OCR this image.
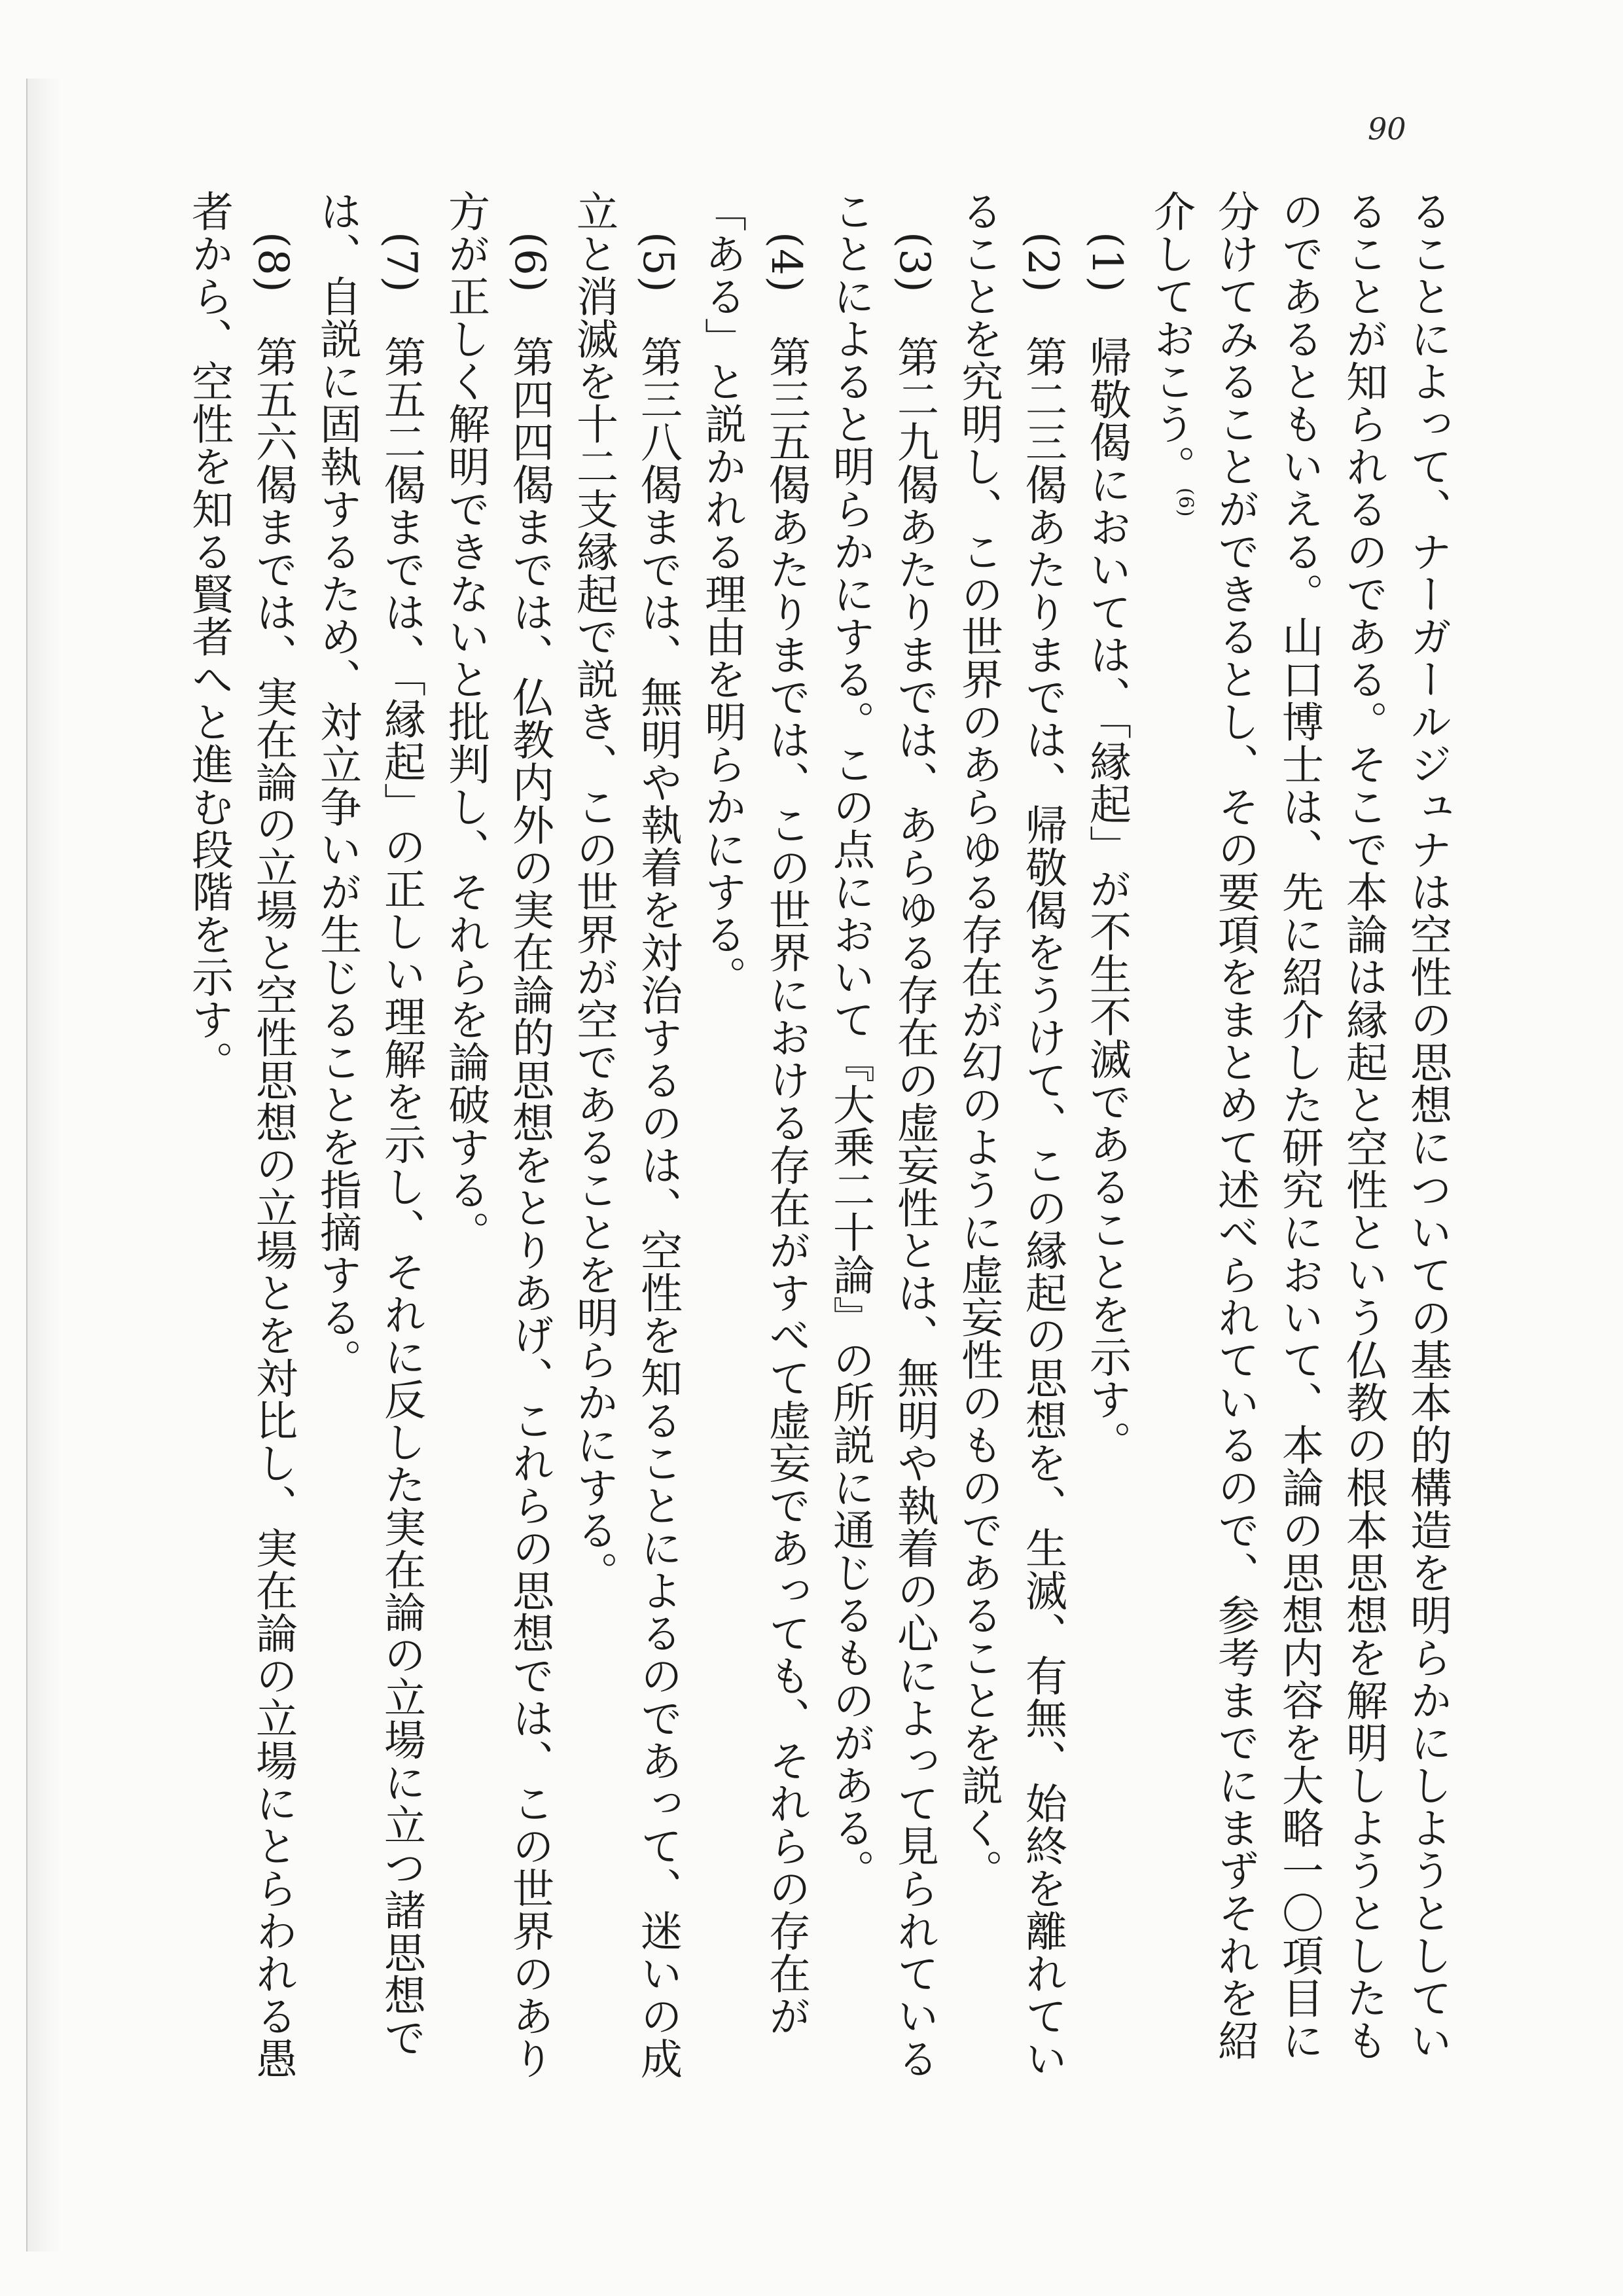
90

ることによって、ナーガールジュナは空性の思想についての基本的構造を明らかにしようとしていることが知られるのである。そこで本論は縁起と空性という仏教の根本思想を解明しようとしたものであるともいえる。山口博士は、先に紹介した研究において、本論の思想内容を大略一〇項目に分けてみることができるとし、その要項をまとめて述べられているので、参考までにまずそれを紹介しておこう。(6)

(1)　帰敬偈においては、「縁起」が不生不滅であることを示す。

(2)　第二三偈あたりまでは、帰敬偈をうけて、この縁起の思想を、生滅、有無、始終を離れていることを究明し、この世界のあらゆる存在が幻のように虚妄性のものであることを説く。

(3)　第二九偈あたりまでは、あらゆる存在の虚妄性とは、無明や執着の心によって見られていることによると明らかにする。この点において『大乗二十論』の所説に通じるものがある。

(4)　第三五偈あたりまでは、この世界における存在がすべて虚妄であっても、それらの存在が「ある」と説かれる理由を明らかにする。

(5)　第三八偈までは、無明や執着を対治するのは、空性を知ることによるのであって、迷いの成立と消滅を十二支縁起で説き、この世界が空であることを明らかにする。

(6)　第四四偈までは、仏教内外の実在論的思想をとりあげ、これらの思想では、この世界のあり方が正しく解明できないと批判し、それらを論破する。

(7)　第五二偈までは、「縁起」の正しい理解を示し、それに反した実在論の立場に立つ諸思想では、自説に固執するため、対立争いが生じることを指摘する。

(8)　第五六偈までは、実在論の立場と空性思想の立場とを対比し、実在論の立場にとらわれる愚者から、空性を知る賢者へと進む段階を示す。
